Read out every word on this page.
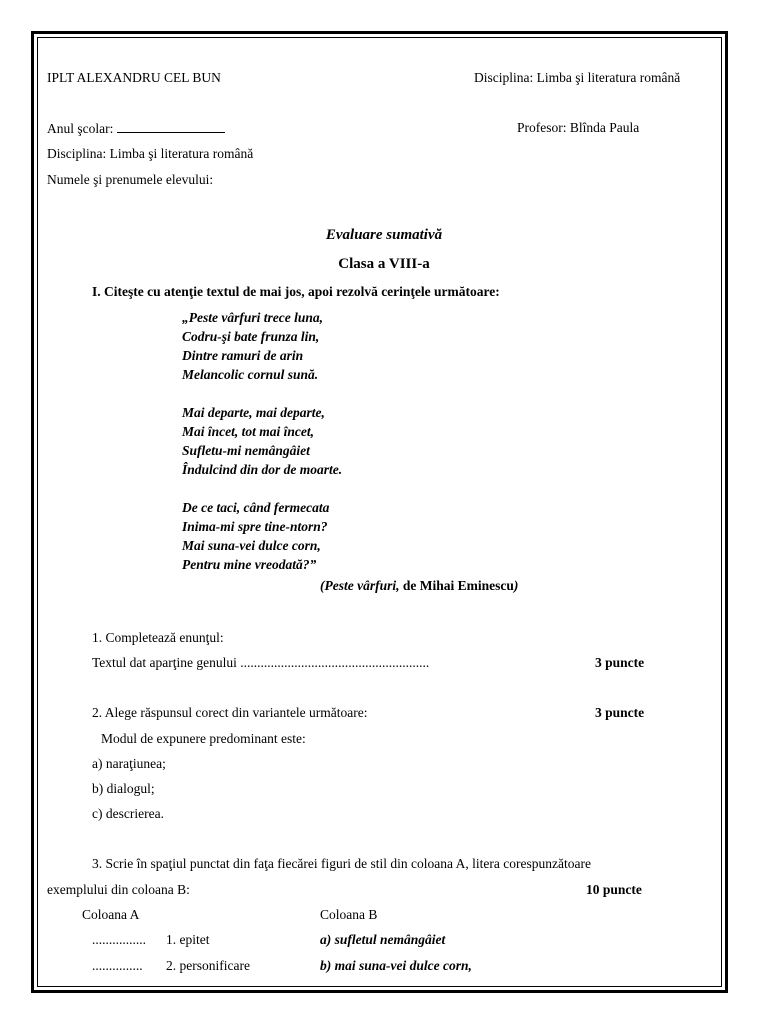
IPLT ALEXANDRU CEL BUN	Disciplina: Limba şi literatura română
Anul şcolar:	Profesor: Blînda Paula
Disciplina: Limba şi literatura română
Numele şi prenumele elevului:
Evaluare sumativă
Clasa a VIII-a
I. Citeşte cu atenţie textul de mai jos, apoi rezolvă cerinţele următoare:
„Peste vârfuri trece luna,
Codru-şi bate frunza lin,
Dintre ramuri de arin
Melancolic cornul sună.
Mai departe, mai departe,
Mai încet, tot mai încet,
Sufletu-mi nemângâiet
Îndulcind din dor de moarte.
De ce taci, când fermecata
Inima-mi spre tine-ntorn?
Mai suna-vei dulce corn,
Pentru mine vreodată?”
(Peste vârfuri, de Mihai Eminescu)
1. Completează enunţul:
Textul dat aparţine genului ........................................................	3 puncte
2. Alege răspunsul corect din variantele următoare:	3 puncte
Modul de expunere predominant este:
a) naraţiunea;
b) dialogul;
c) descrierea.
3. Scrie în spaţiul punctat din faţa fiecărei figuri de stil din coloana A, litera corespunzătoare
exemplului din coloana B:	10 puncte
Coloana A	Coloana B
................ 1. epitet	a) sufletul nemângâiet
............... 2. personificare	b) mai suna-vei dulce corn,
